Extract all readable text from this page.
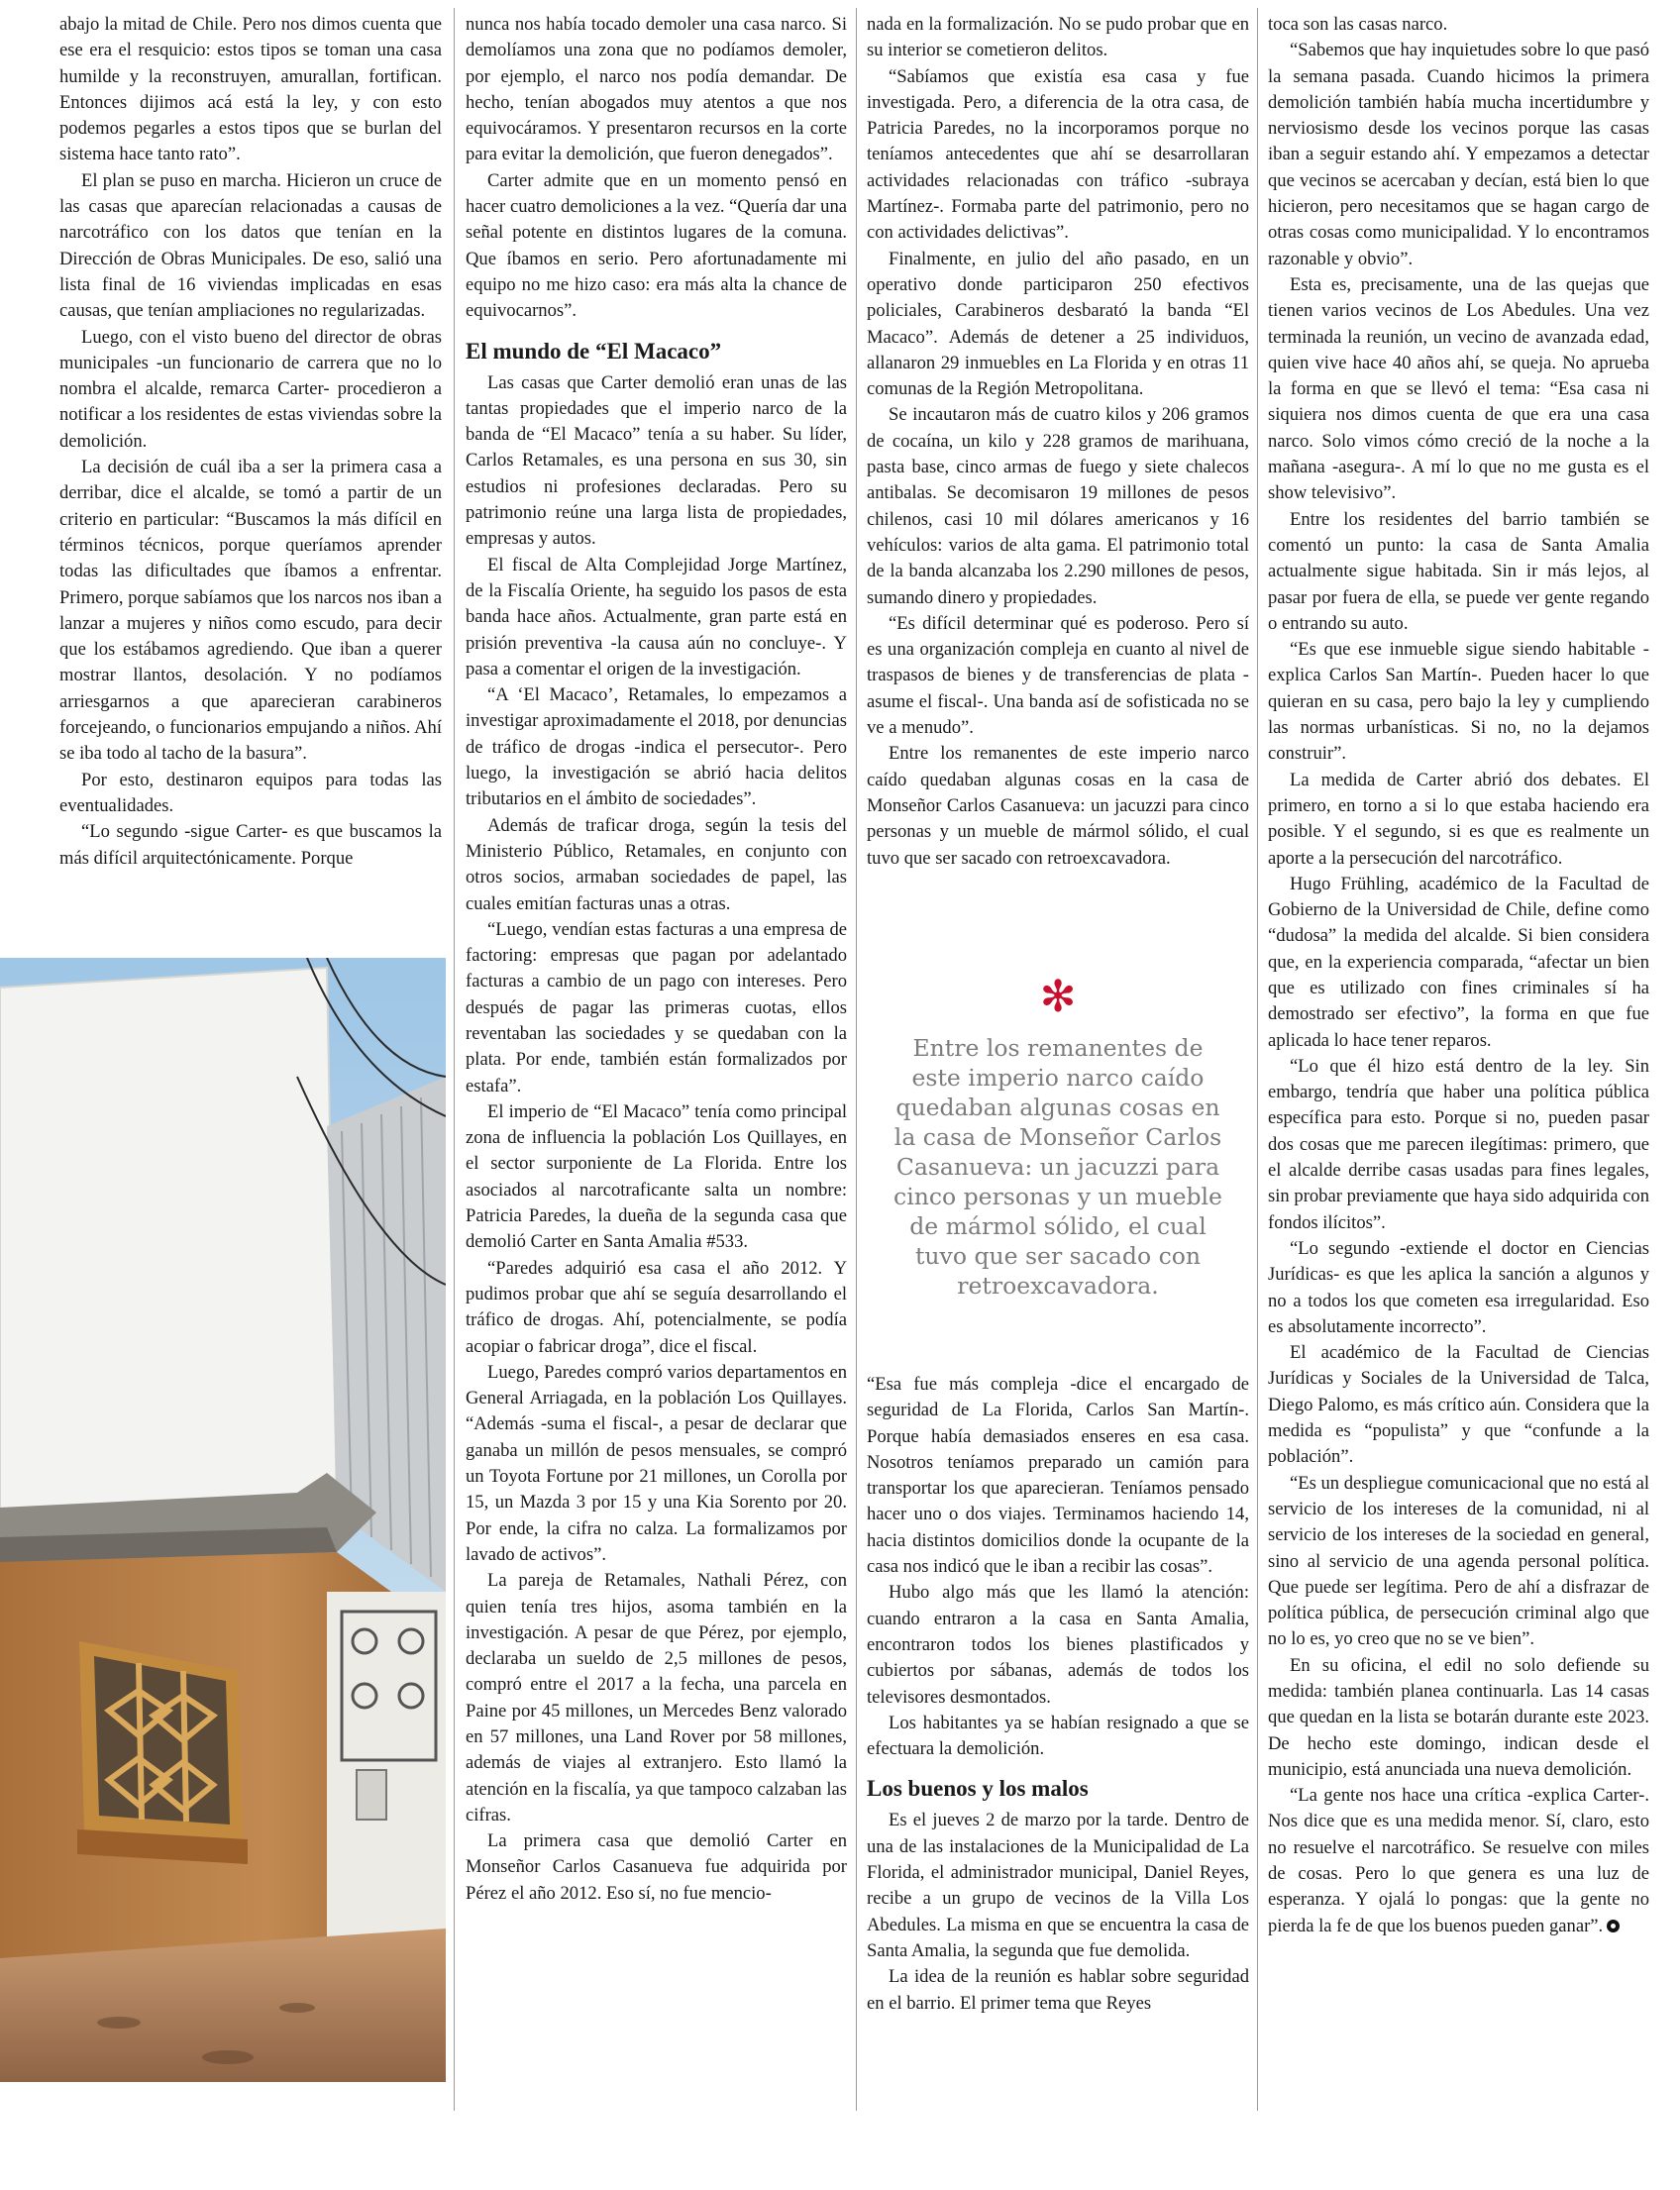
abajo la mitad de Chile. Pero nos dimos cuenta que ese era el resquicio: estos tipos se toman una casa humilde y la reconstruyen, amurallan, fortifican. Entonces dijimos acá está la ley, y con esto podemos pegarles a estos tipos que se burlan del sistema hace tanto rato”.

El plan se puso en marcha. Hicieron un cruce de las casas que aparecían relacionadas a causas de narcotráfico con los datos que tenían en la Dirección de Obras Municipales. De eso, salió una lista final de 16 viviendas implicadas en esas causas, que tenían ampliaciones no regularizadas.

Luego, con el visto bueno del director de obras municipales -un funcionario de carrera que no lo nombra el alcalde, remarca Carter- procedieron a notificar a los residentes de estas viviendas sobre la demolición.

La decisión de cuál iba a ser la primera casa a derribar, dice el alcalde, se tomó a partir de un criterio en particular: “Buscamos la más difícil en términos técnicos, porque queríamos aprender todas las dificultades que íbamos a enfrentar. Primero, porque sabíamos que los narcos nos iban a lanzar a mujeres y niños como escudo, para decir que los estábamos agrediendo. Que iban a querer mostrar llantos, desolación. Y no podíamos arriesgarnos a que aparecieran carabineros forcejeando, o funcionarios empujando a niños. Ahí se iba todo al tacho de la basura”.

Por esto, destinaron equipos para todas las eventualidades.

“Lo segundo -sigue Carter- es que buscamos la más difícil arquitectónicamente. Porque

nunca nos había tocado demoler una casa narco. Si demolíamos una zona que no podíamos demoler, por ejemplo, el narco nos podía demandar. De hecho, tenían abogados muy atentos a que nos equivocáramos. Y presentaron recursos en la corte para evitar la demolición, que fueron denegados”.

Carter admite que en un momento pensó en hacer cuatro demoliciones a la vez. “Quería dar una señal potente en distintos lugares de la comuna. Que íbamos en serio. Pero afortunadamente mi equipo no me hizo caso: era más alta la chance de equivocarnos”.

El mundo de “El Macaco”

Las casas que Carter demolió eran unas de las tantas propiedades que el imperio narco de la banda de “El Macaco” tenía a su haber. Su líder, Carlos Retamales, es una persona en sus 30, sin estudios ni profesiones declaradas. Pero su patrimonio reúne una larga lista de propiedades, empresas y autos.

El fiscal de Alta Complejidad Jorge Martínez, de la Fiscalía Oriente, ha seguido los pasos de esta banda hace años. Actualmente, gran parte está en prisión preventiva -la causa aún no concluye-. Y pasa a comentar el origen de la investigación.

“A ‘El Macaco’, Retamales, lo empezamos a investigar aproximadamente el 2018, por denuncias de tráfico de drogas -indica el persecutor-. Pero luego, la investigación se abrió hacia delitos tributarios en el ámbito de sociedades”.

Además de traficar droga, según la tesis del Ministerio Público, Retamales, en conjunto con otros socios, armaban sociedades de papel, las cuales emitían facturas unas a otras.

“Luego, vendían estas facturas a una empresa de factoring: empresas que pagan por adelantado facturas a cambio de un pago con intereses. Pero después de pagar las primeras cuotas, ellos reventaban las sociedades y se quedaban con la plata. Por ende, también están formalizados por estafa”.

El imperio de “El Macaco” tenía como principal zona de influencia la población Los Quillayes, en el sector surponiente de La Florida. Entre los asociados al narcotraficante salta un nombre: Patricia Paredes, la dueña de la segunda casa que demolió Carter en Santa Amalia #533.

“Paredes adquirió esa casa el año 2012. Y pudimos probar que ahí se seguía desarrollando el tráfico de drogas. Ahí, potencialmente, se podía acopiar o fabricar droga”, dice el fiscal.

Luego, Paredes compró varios departamentos en General Arriagada, en la población Los Quillayes. “Además -suma el fiscal-, a pesar de declarar que ganaba un millón de pesos mensuales, se compró un Toyota Fortune por 21 millones, un Corolla por 15, un Mazda 3 por 15 y una Kia Sorento por 20. Por ende, la cifra no calza. La formalizamos por lavado de activos”.

La pareja de Retamales, Nathali Pérez, con quien tenía tres hijos, asoma también en la investigación. A pesar de que Pérez, por ejemplo, declaraba un sueldo de 2,5 millones de pesos, compró entre el 2017 a la fecha, una parcela en Paine por 45 millones, un Mercedes Benz valorado en 57 millones, una Land Rover por 58 millones, además de viajes al extranjero. Esto llamó la atención en la fiscalía, ya que tampoco calzaban las cifras.

La primera casa que demolió Carter en Monseñor Carlos Casanueva fue adquirida por Pérez el año 2012. Eso sí, no fue mencio-

nada en la formalización. No se pudo probar que en su interior se cometieron delitos.

“Sabíamos que existía esa casa y fue investigada. Pero, a diferencia de la otra casa, de Patricia Paredes, no la incorporamos porque no teníamos antecedentes que ahí se desarrollaran actividades relacionadas con tráfico -subraya Martínez-. Formaba parte del patrimonio, pero no con actividades delictivas”.

Finalmente, en julio del año pasado, en un operativo donde participaron 250 efectivos policiales, Carabineros desbarató la banda “El Macaco”. Además de detener a 25 individuos, allanaron 29 inmuebles en La Florida y en otras 11 comunas de la Región Metropolitana.

Se incautaron más de cuatro kilos y 206 gramos de cocaína, un kilo y 228 gramos de marihuana, pasta base, cinco armas de fuego y siete chalecos antibalas. Se decomisaron 19 millones de pesos chilenos, casi 10 mil dólares americanos y 16 vehículos: varios de alta gama. El patrimonio total de la banda alcanzaba los 2.290 millones de pesos, sumando dinero y propiedades.

“Es difícil determinar qué es poderoso. Pero sí es una organización compleja en cuanto al nivel de traspasos de bienes y de transferencias de plata -asume el fiscal-. Una banda así de sofisticada no se ve a menudo”.

Entre los remanentes de este imperio narco caído quedaban algunas cosas en la casa de Monseñor Carlos Casanueva: un jacuzzi para cinco personas y un mueble de mármol sólido, el cual tuvo que ser sacado con retroexcavadora.

✻
Entre los remanentes de este imperio narco caído quedaban algunas cosas en la casa de Monseñor Carlos Casanueva: un jacuzzi para cinco personas y un mueble de mármol sólido, el cual tuvo que ser sacado con retroexcavadora.

“Esa fue más compleja -dice el encargado de seguridad de La Florida, Carlos San Martín-. Porque había demasiados enseres en esa casa. Nosotros teníamos preparado un camión para transportar los que aparecieran. Teníamos pensado hacer uno o dos viajes. Terminamos haciendo 14, hacia distintos domicilios donde la ocupante de la casa nos indicó que le iban a recibir las cosas”.

Hubo algo más que les llamó la atención: cuando entraron a la casa en Santa Amalia, encontraron todos los bienes plastificados y cubiertos por sábanas, además de todos los televisores desmontados.

Los habitantes ya se habían resignado a que se efectuara la demolición.

Los buenos y los malos

Es el jueves 2 de marzo por la tarde. Dentro de una de las instalaciones de la Municipalidad de La Florida, el administrador municipal, Daniel Reyes, recibe a un grupo de vecinos de la Villa Los Abedules. La misma en que se encuentra la casa de Santa Amalia, la segunda que fue demolida.

La idea de la reunión es hablar sobre seguridad en el barrio. El primer tema que Reyes

toca son las casas narco.

“Sabemos que hay inquietudes sobre lo que pasó la semana pasada. Cuando hicimos la primera demolición también había mucha incertidumbre y nerviosismo desde los vecinos porque las casas iban a seguir estando ahí. Y empezamos a detectar que vecinos se acercaban y decían, está bien lo que hicieron, pero necesitamos que se hagan cargo de otras cosas como municipalidad. Y lo encontramos razonable y obvio”.

Esta es, precisamente, una de las quejas que tienen varios vecinos de Los Abedules. Una vez terminada la reunión, un vecino de avanzada edad, quien vive hace 40 años ahí, se queja. No aprueba la forma en que se llevó el tema: “Esa casa ni siquiera nos dimos cuenta de que era una casa narco. Solo vimos cómo creció de la noche a la mañana -asegura-. A mí lo que no me gusta es el show televisivo”.

Entre los residentes del barrio también se comentó un punto: la casa de Santa Amalia actualmente sigue habitada. Sin ir más lejos, al pasar por fuera de ella, se puede ver gente regando o entrando su auto.

“Es que ese inmueble sigue siendo habitable -explica Carlos San Martín-. Pueden hacer lo que quieran en su casa, pero bajo la ley y cumpliendo las normas urbanísticas. Si no, no la dejamos construir”.

La medida de Carter abrió dos debates. El primero, en torno a si lo que estaba haciendo era posible. Y el segundo, si es que es realmente un aporte a la persecución del narcotráfico.

Hugo Frühling, académico de la Facultad de Gobierno de la Universidad de Chile, define como “dudosa” la medida del alcalde. Si bien considera que, en la experiencia comparada, “afectar un bien que es utilizado con fines criminales sí ha demostrado ser efectivo”, la forma en que fue aplicada lo hace tener reparos.

“Lo que él hizo está dentro de la ley. Sin embargo, tendría que haber una política pública específica para esto. Porque si no, pueden pasar dos cosas que me parecen ilegítimas: primero, que el alcalde derribe casas usadas para fines legales, sin probar previamente que haya sido adquirida con fondos ilícitos”.

“Lo segundo -extiende el doctor en Ciencias Jurídicas- es que les aplica la sanción a algunos y no a todos los que cometen esa irregularidad. Eso es absolutamente incorrecto”.

El académico de la Facultad de Ciencias Jurídicas y Sociales de la Universidad de Talca, Diego Palomo, es más crítico aún. Considera que la medida es “populista” y que “confunde a la población”.

“Es un despliegue comunicacional que no está al servicio de los intereses de la comunidad, ni al servicio de los intereses de la sociedad en general, sino al servicio de una agenda personal política. Que puede ser legítima. Pero de ahí a disfrazar de política pública, de persecución criminal algo que no lo es, yo creo que no se ve bien”.

En su oficina, el edil no solo defiende su medida: también planea continuarla. Las 14 casas que quedan en la lista se botarán durante este 2023. De hecho este domingo, indican desde el municipio, está anunciada una nueva demolición.

“La gente nos hace una crítica -explica Carter-. Nos dice que es una medida menor. Sí, claro, esto no resuelve el narcotráfico. Se resuelve con miles de cosas. Pero lo que genera es una luz de esperanza. Y ojalá lo pongas: que la gente no pierda la fe de que los buenos pueden ganar”.
